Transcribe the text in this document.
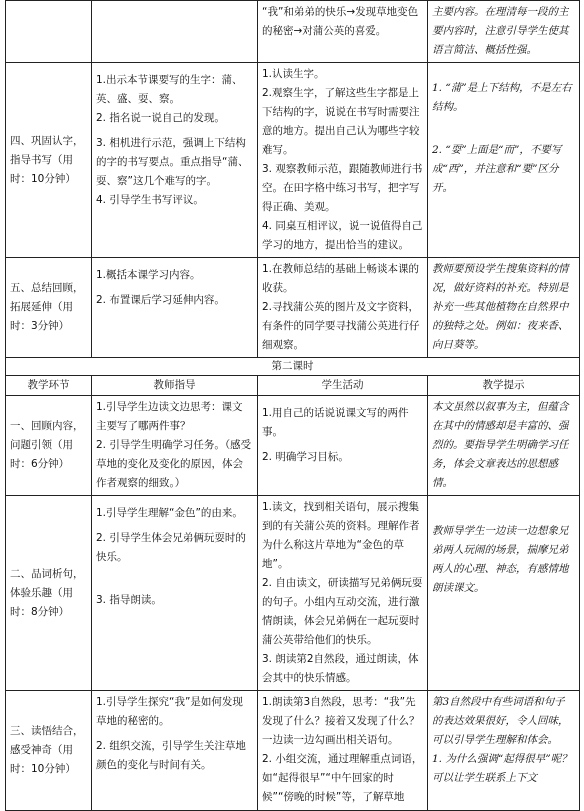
		“我”和弟弟的快乐→发现草地变色的秘密→对蒲公英的喜爱。	主要内容。在理清每一段的主要内容时，注意引导学生使其语言简洁、概括性强。

四、巩固认字，指导书写（用时：10分钟）	1.出示本节课要写的生字：蒲、英、盛、耍、察。
2. 指名说一说自己的发现。
3. 相机进行示范，强调上下结构的字的书写要点。重点指导“蒲、耍、察”这几个难写的字。
4. 引导学生书写评议。	1.认读生字。
2.观察生字，了解这些生字都是上下结构的字，说说在书写时需要注意的地方。提出自己认为哪些字较难写。
3. 观察教师示范，跟随教师进行书空。在田字格中练习书写，把字写得正确、美观。
4. 同桌互相评议，说一说值得自己学习的地方，提出恰当的建议。	1. “蒲”是上下结构，不是左右结构。
2. “耍”上面是“而”，不要写成“西”，并注意和“要”区分开。

五、总结回顾，拓展延伸（用时：3分钟）	1.概括本课学习内容。
2. 布置课后学习延伸内容。	1.在教师总结的基础上畅谈本课的收获。
2.寻找蒲公英的图片及文字资料，有条件的同学要寻找蒲公英进行仔细观察。	教师要预设学生搜集资料的情况，做好资料的补充。特别是补充一些其他植物在自然界中的独特之处。例如：夜来香、向日葵等。

第二课时			
教学环节	教师指导	学生活动	教学提示
一、回顾内容，问题引领（用时：6分钟）	1.引导学生边读文边思考：课文主要写了哪两件事？
2. 引导学生明确学习任务。（感受草地的变化及变化的原因，体会作者观察的细致。）	1.用自己的话说说课文写的两件事。
2. 明确学习目标。	本文虽然以叙事为主，但蕴含在其中的情感却是丰富的、强烈的。要指导学生明确学习任务，体会文章表达的思想感情。

二、品词析句，体验乐趣（用时：8分钟）	1.引导学生理解“金色”的由来。
2. 引导学生体会兄弟俩玩耍时的快乐。
3. 指导朗读。	1.读文，找到相关语句，展示搜集到的有关蒲公英的资料。理解作者为什么称这片草地为“金色的草地”。
2. 自由读文，研读描写兄弟俩玩耍的句子。小组内互动交流，进行激情朗读，体会兄弟俩在一起玩耍时蒲公英带给他们的快乐。
3. 朗读第2自然段，通过朗读，体会其中的快乐情感。	教师导学生一边读一边想象兄弟两人玩闹的场景，揣摩兄弟两人的心理、神态，有感情地朗读课文。

三、读悟结合，感受神奇（用时：10分钟）	1.引导学生探究“我”是如何发现草地的秘密的。
2. 组织交流，引导学生关注草地颜色的变化与时间有关。	1.朗读第3自然段，思考：“我”先发现了什么？接着又发现了什么？一边读一边勾画出相关语句。
2. 小组交流，通过理解重点词语，如“起得很早”“中午回家的时候”“傍晚的时候”等，了解草地	第3自然段中有些词语和句子的表达效果很好，令人回味，可以引导学生理解和体会。
1. 为什么强调“起得很早”呢？可以让学生联系上下文
